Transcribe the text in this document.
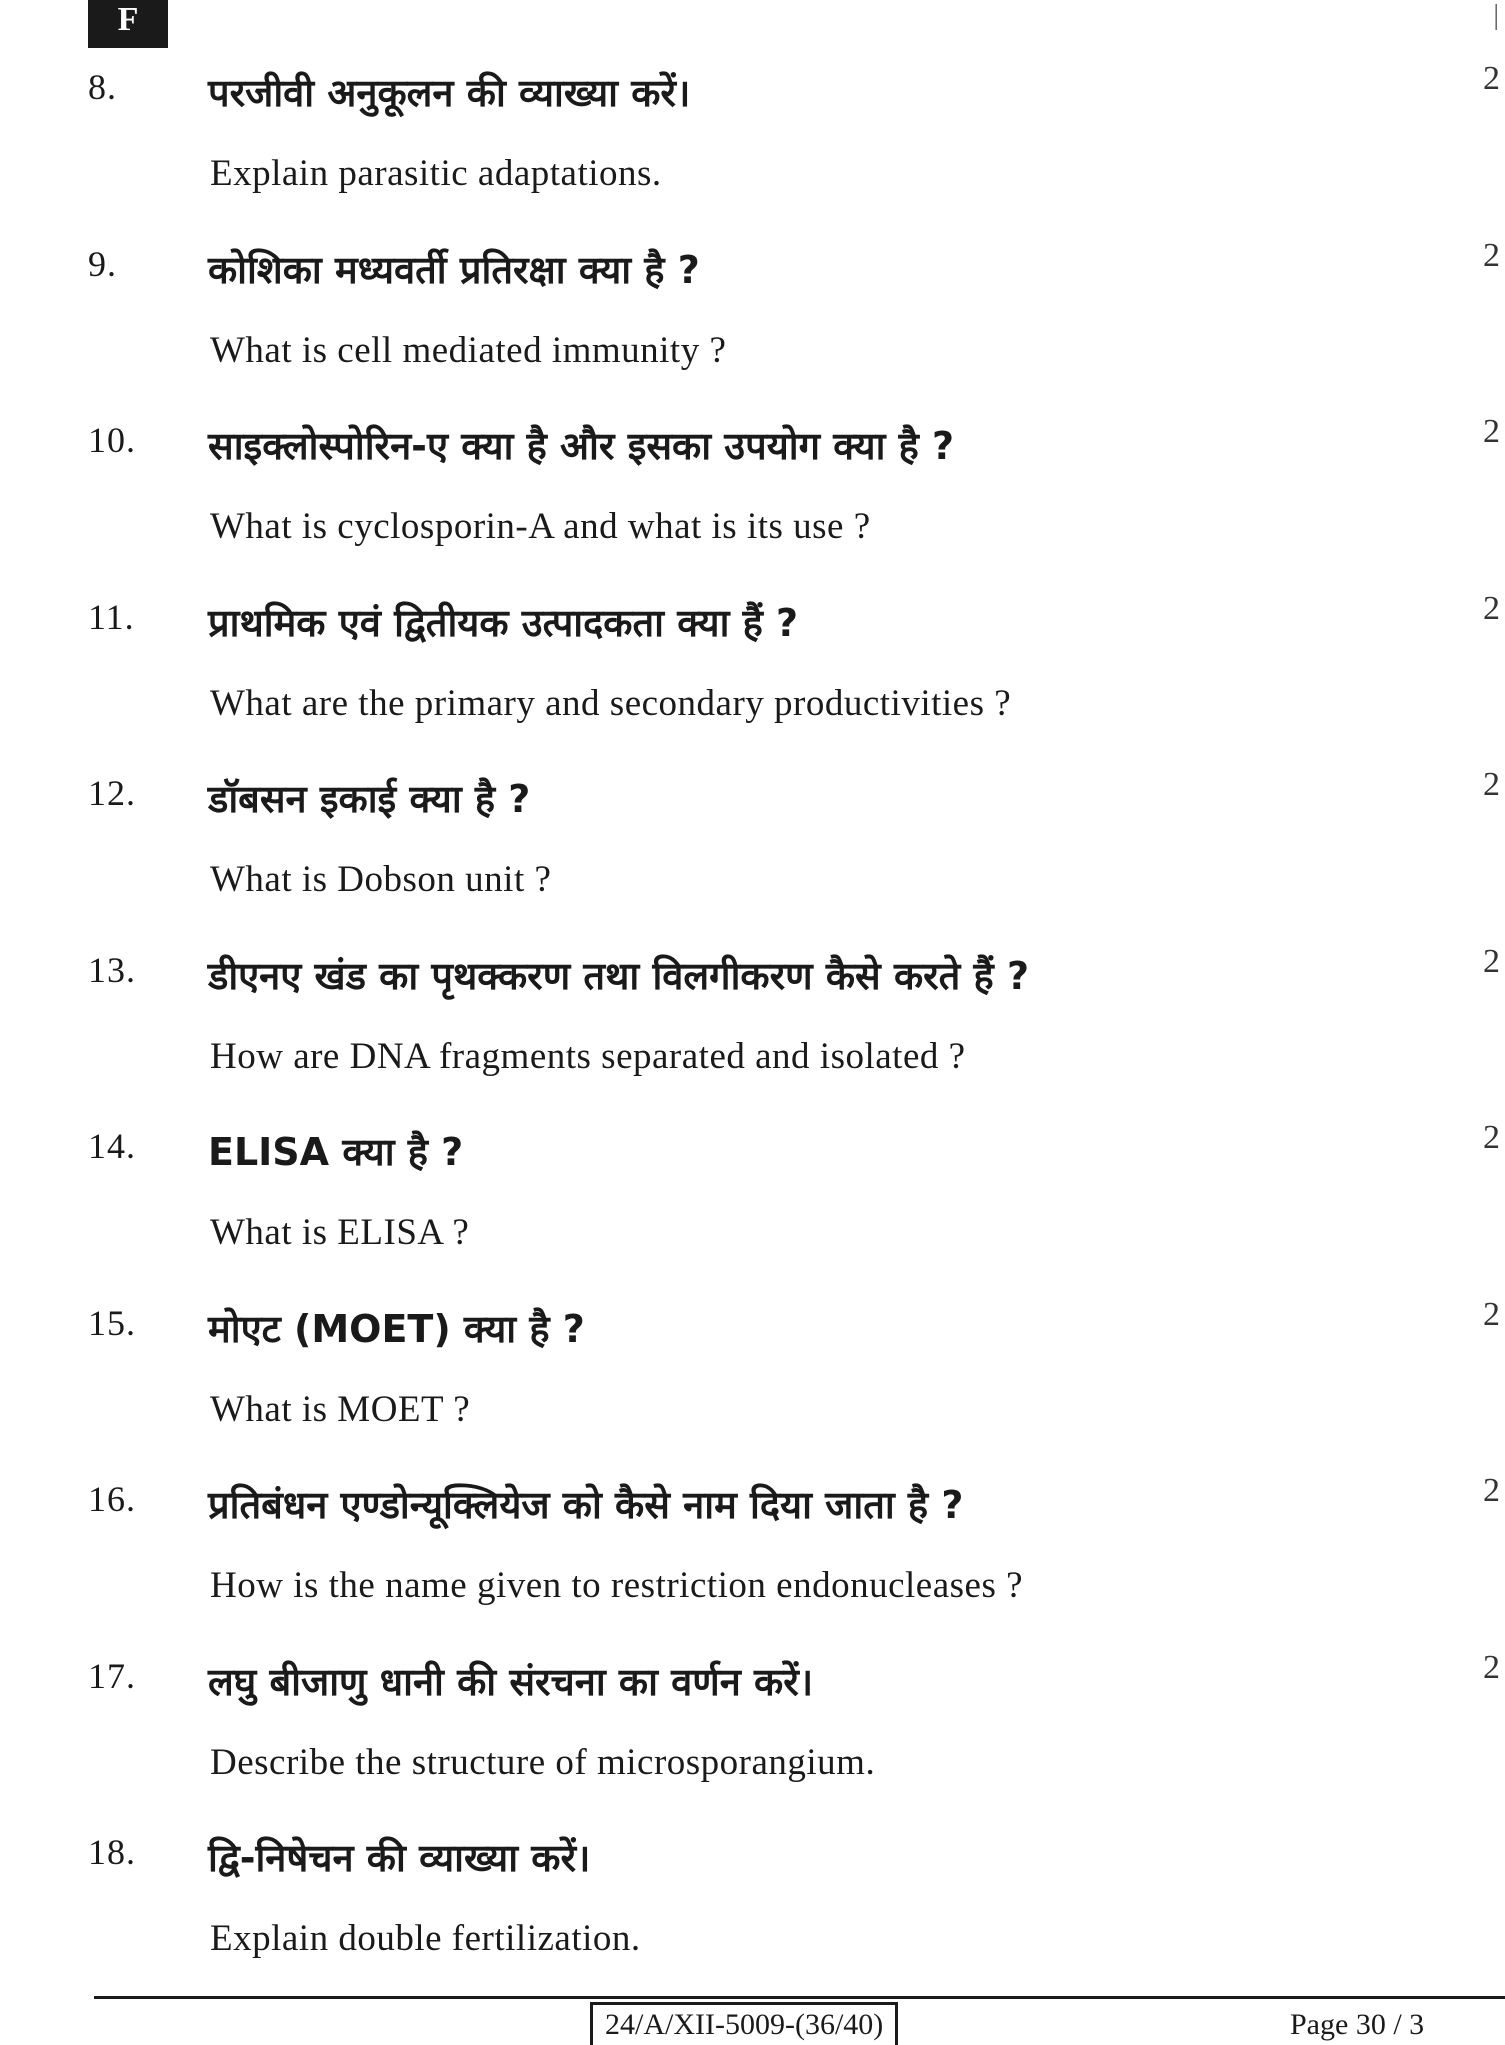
F	|
8. परजीवी अनुकूलन की व्याख्या करें।
Explain parasitic adaptations.
2
9. कोशिका मध्यवर्ती प्रतिरक्षा क्या है ?
What is cell mediated immunity ?
2
10. साइक्लोस्पोरिन-ए क्या है और इसका उपयोग क्या है ?
What is cyclosporin-A and what is its use ?
2
11. प्राथमिक एवं द्वितीयक उत्पादकता क्या हैं ?
What are the primary and secondary productivities ?
2
12. डॉबसन इकाई क्या है ?
What is Dobson unit ?
2
13. डीएनए खंड का पृथक्करण तथा विलगीकरण कैसे करते हैं ?
How are DNA fragments separated and isolated ?
2
14. ELISA क्या है ?
What is ELISA ?
2
15. मोएट (MOET) क्या है ?
What is MOET ?
2
16. प्रतिबंधन एण्डोन्यूक्लियेज को कैसे नाम दिया जाता है ?
How is the name given to restriction endonucleases ?
2
17. लघु बीजाणु धानी की संरचना का वर्णन करें।
Describe the structure of microsporangium.
2
18. द्वि-निषेचन की व्याख्या करें।
Explain double fertilization.
24/A/XII-5009-(36/40)	Page 30 / 3
